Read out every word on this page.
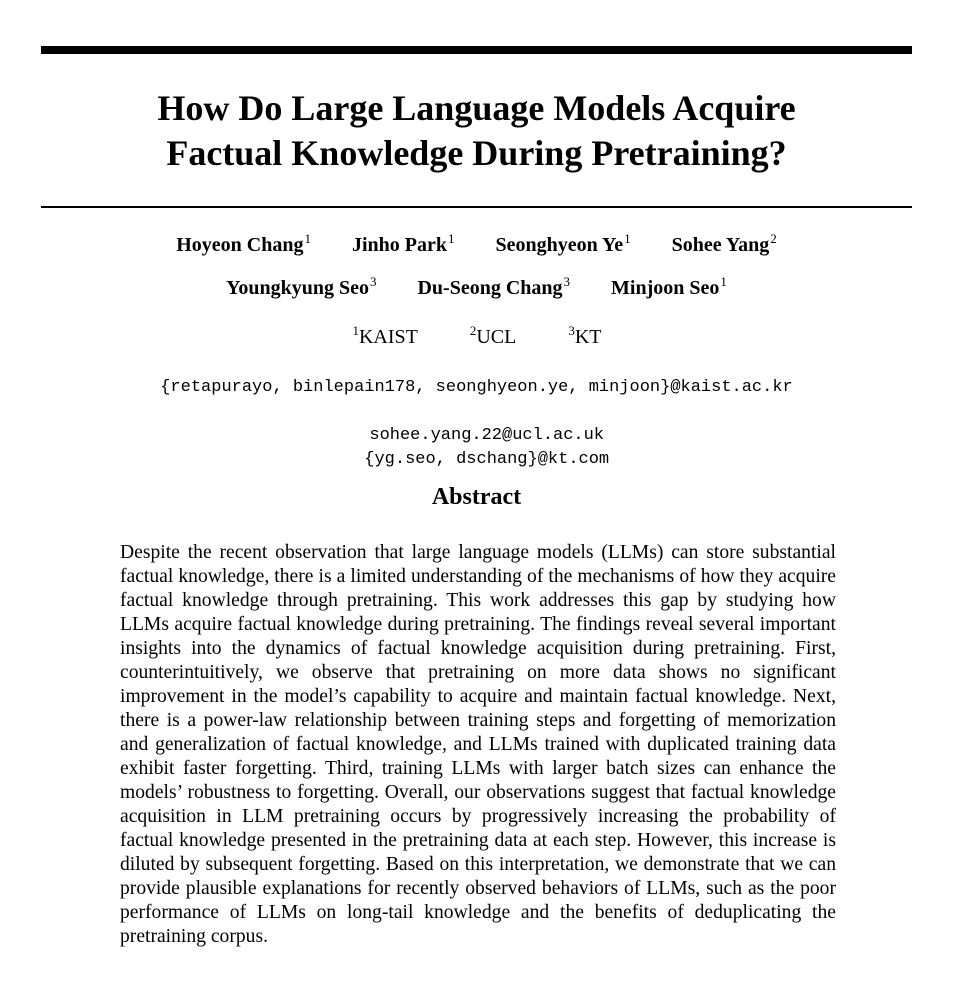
How Do Large Language Models Acquire
Factual Knowledge During Pretraining?
Hoyeon Chang$^1$ Jinho Park$^1$ Seonghyeon Ye$^1$ Sohee Yang$^2$
Youngkyung Seo$^3$ Du-Seong Chang$^3$ Minjoon Seo$^1$
$^1$KAIST	$^2$UCL	$^3$KT
{retapurayo, binlepain178, seonghyeon.ye, minjoon}@kaist.ac.kr

sohee.yang.22@ucl.ac.uk
{yg.seo, dschang}@kt.com

Abstract

Despite the recent observation that large language models (LLMs) can store substantial factual knowledge, there is a limited understanding of the mechanisms of how they acquire factual knowledge through pretraining. This work addresses this gap by studying how LLMs acquire factual knowledge during pretraining. The findings reveal several important insights into the dynamics of factual knowledge acquisition during pretraining. First, counterintuitively, we observe that pretraining on more data shows no significant improvement in the model’s capability to acquire and maintain factual knowledge. Next, there is a power-law relationship between training steps and forgetting of memorization and generalization of factual knowledge, and LLMs trained with duplicated training data exhibit faster forgetting. Third, training LLMs with larger batch sizes can enhance the models’ robustness to forgetting. Overall, our observations suggest that factual knowledge acquisition in LLM pretraining occurs by progressively increasing the probability of factual knowledge presented in the pretraining data at each step. However, this increase is diluted by subsequent forgetting. Based on this interpretation, we demonstrate that we can provide plausible explanations for recently observed behaviors of LLMs, such as the poor performance of LLMs on long-tail knowledge and the benefits of deduplicating the pretraining corpus.
